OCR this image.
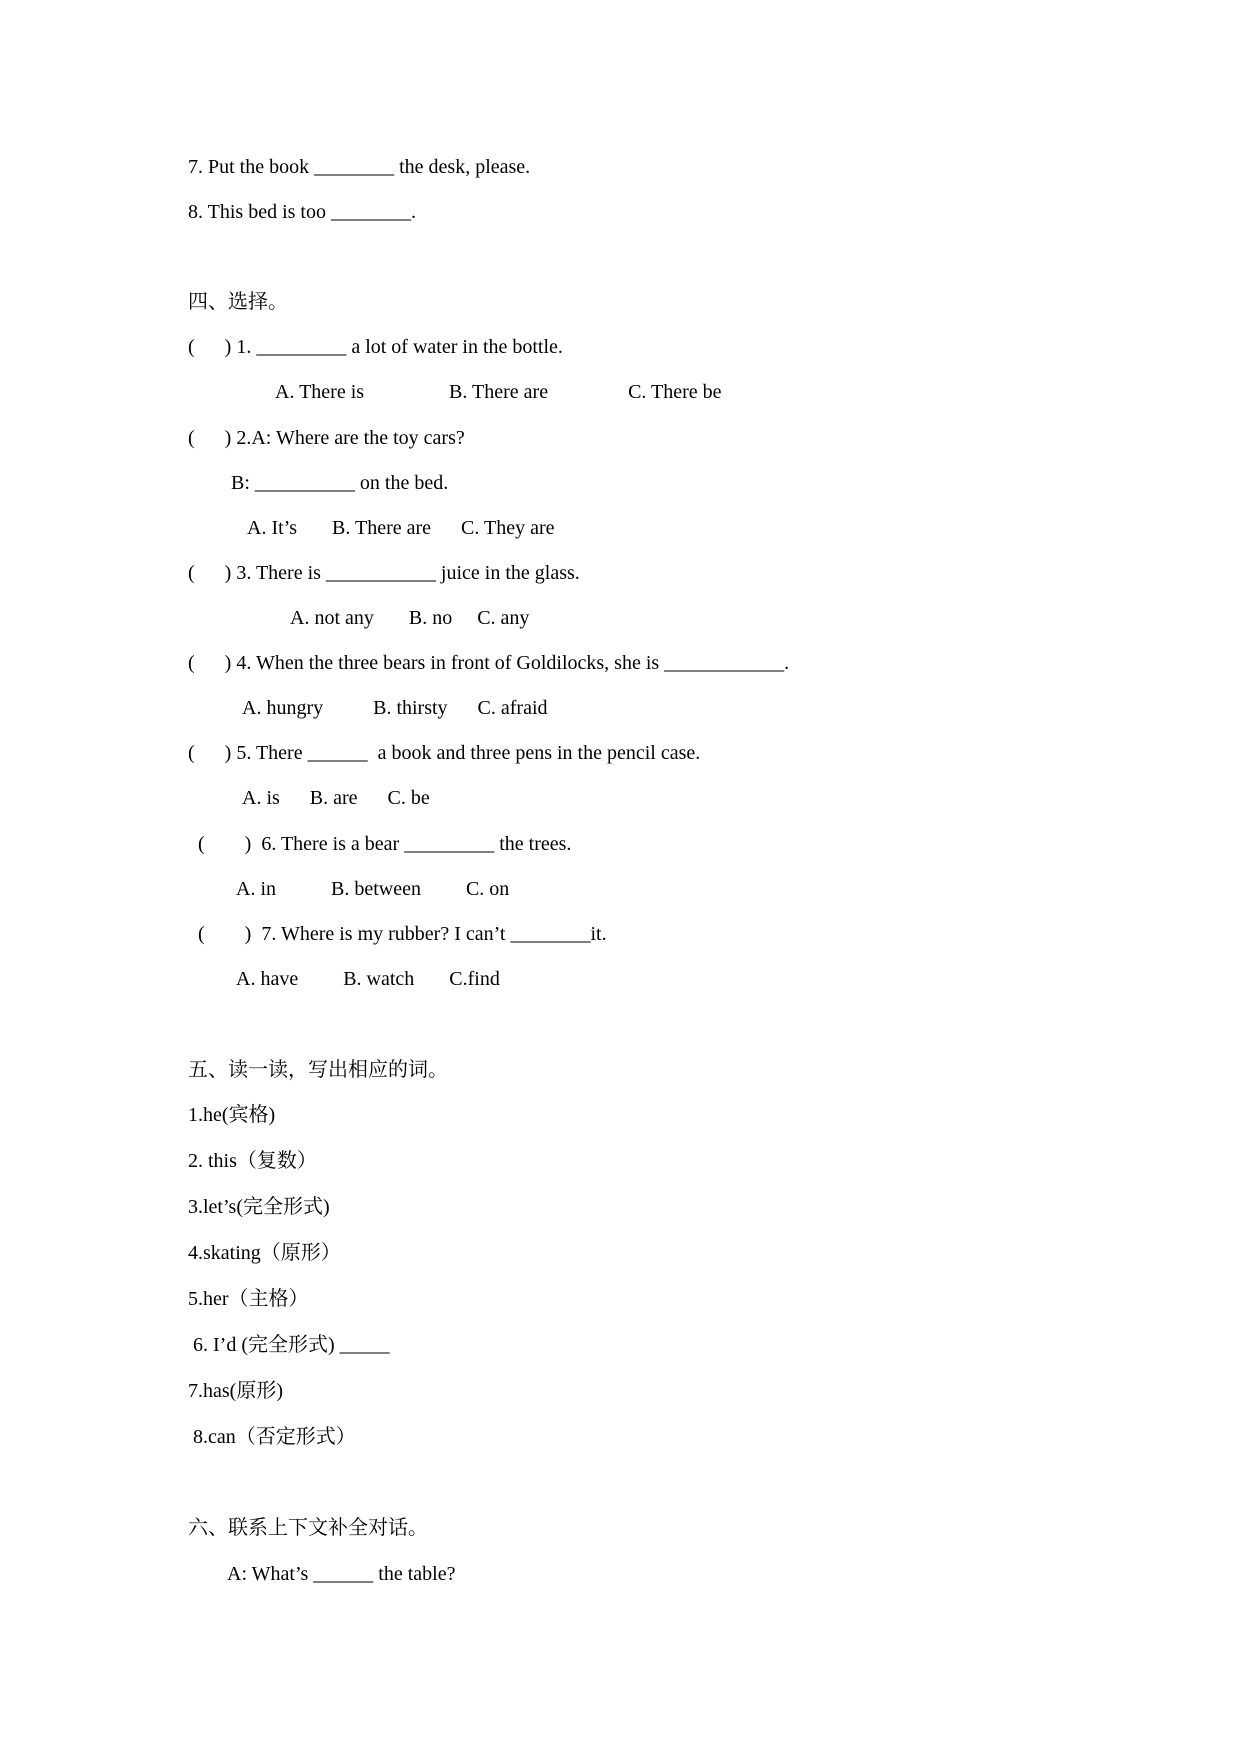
7. Put the book ________ the desk, please.
8. This bed is too ________.
四、选择。
(      ) 1. _________ a lot of water in the bottle.
A. There is                 B. There are                C. There be
(      ) 2.A: Where are the toy cars?
B: __________ on the bed.
A. It’s       B. There are      C. They are
(      ) 3. There is ___________ juice in the glass.
A. not any       B. no     C. any
(      ) 4. When the three bears in front of Goldilocks, she is ____________.
A. hungry          B. thirsty      C. afraid
(      ) 5. There ______  a book and three pens in the pencil case.
A. is      B. are      C. be
(        )  6. There is a bear _________ the trees.
A. in           B. between         C. on
(        )  7. Where is my rubber? I can’t ________it.
A. have         B. watch       C.find
五、读一读，写出相应的词。
1.he(宾格)
2. this（复数）
3.let’s(完全形式)
4.skating（原形）
5.her（主格）
6. I’d (完全形式) _____
7.has(原形)
8.can（否定形式）
六、联系上下文补全对话。
A: What’s ______ the table?
